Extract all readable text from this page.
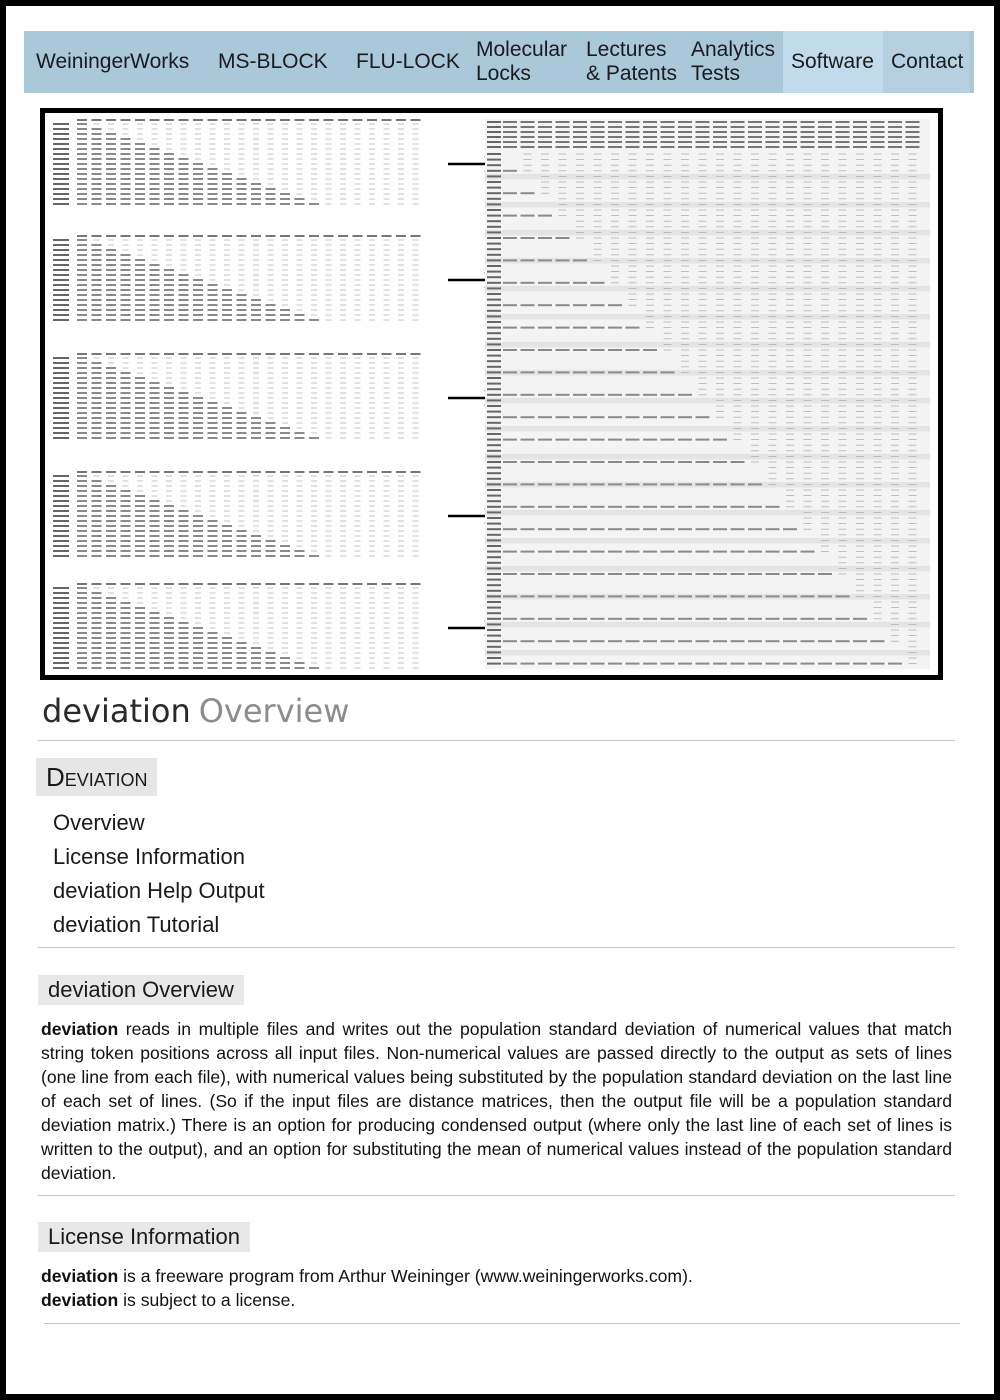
WeiningerWorks	MS-BLOCK	FLU-LOCK
Molecular Locks
Lectures & Patents
Analytics Tests
Software Contact
deviation Overview
Deviation
Overview
License Information
deviation Help Output
deviation Tutorial
deviation Overview

deviation reads in multiple files and writes out the population standard deviation of numerical values that match string token positions across all input files. Non-numerical values are passed directly to the output as sets of lines (one line from each file), with numerical values being substituted by the population standard deviation on the last line of each set of lines. (So if the input files are distance matrices, then the output file will be a population standard deviation matrix.) There is an option for producing condensed output (where only the last line of each set of lines is written to the output), and an option for substituting the mean of numerical values instead of the population standard deviation.

License Information
deviation is a freeware program from Arthur Weininger (www.weiningerworks.com).
deviation is subject to a license.
